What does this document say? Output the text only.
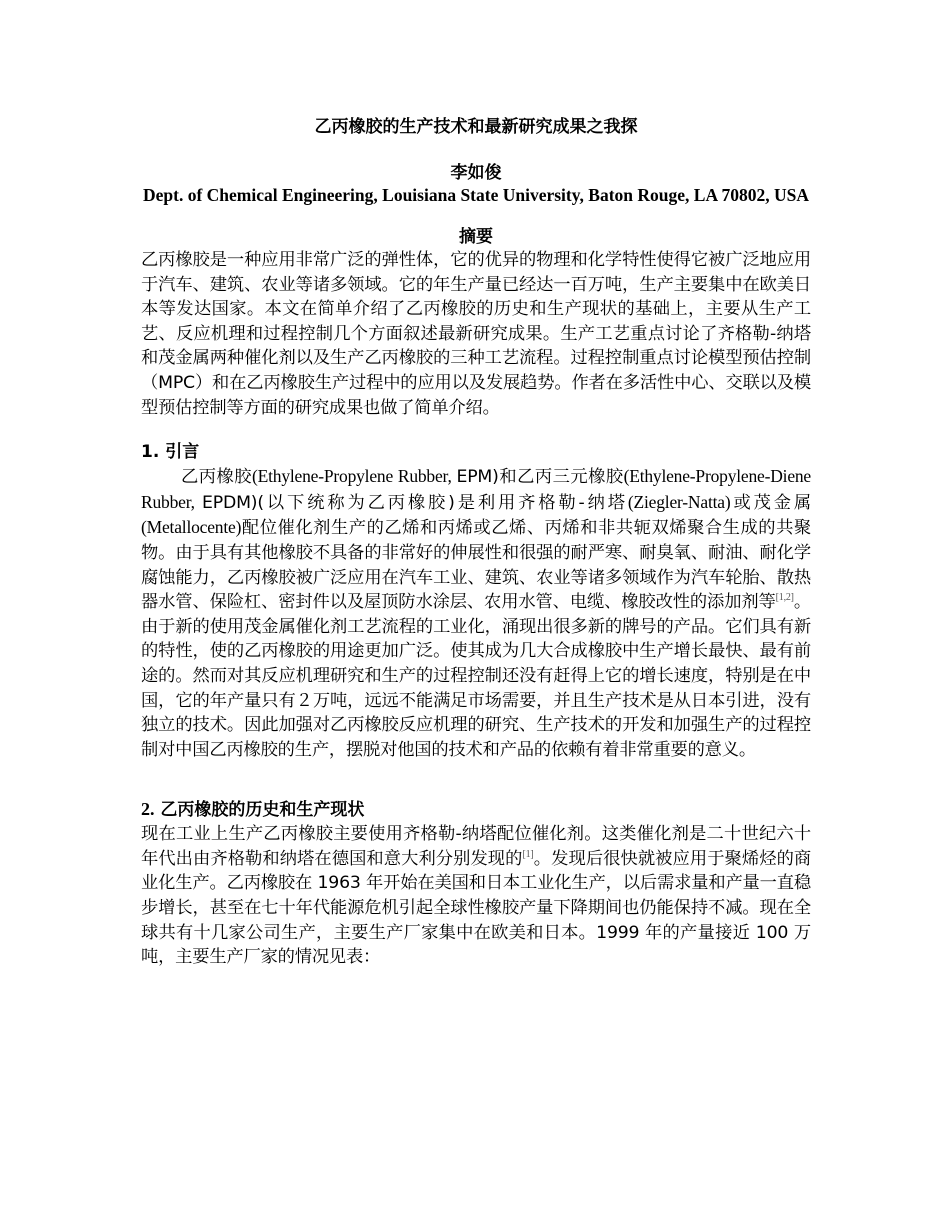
乙丙橡胶的生产技术和最新研究成果之我探

李如俊

Dept. of Chemical Engineering, Louisiana State University, Baton Rouge, LA 70802, USA

摘要

乙丙橡胶是一种应用非常广泛的弹性体，它的优异的物理和化学特性使得它被广泛地应用于汽车、建筑、农业等诸多领域。它的年生产量已经达一百万吨，生产主要集中在欧美日本等发达国家。本文在简单介绍了乙丙橡胶的历史和生产现状的基础上，主要从生产工艺、反应机理和过程控制几个方面叙述最新研究成果。生产工艺重点讨论了齐格勒-纳塔和茂金属两种催化剂以及生产乙丙橡胶的三种工艺流程。过程控制重点讨论模型预估控制（MPC）和在乙丙橡胶生产过程中的应用以及发展趋势。作者在多活性中心、交联以及模型预估控制等方面的研究成果也做了简单介绍。

1. 引言

乙丙橡胶(Ethylene-Propylene Rubber, EPM)和乙丙三元橡胶(Ethylene-Propylene-Diene Rubber, EPDM)(以下统称为乙丙橡胶)是利用齐格勒-纳塔(Ziegler-Natta)或茂金属(Metallocente)配位催化剂生产的乙烯和丙烯或乙烯、丙烯和非共轭双烯聚合生成的共聚物。由于具有其他橡胶不具备的非常好的伸展性和很强的耐严寒、耐臭氧、耐油、耐化学腐蚀能力，乙丙橡胶被广泛应用在汽车工业、建筑、农业等诸多领域作为汽车轮胎、散热器水管、保险杠、密封件以及屋顶防水涂层、农用水管、电缆、橡胶改性的添加剂等[1,2]。由于新的使用茂金属催化剂工艺流程的工业化，涌现出很多新的牌号的产品。它们具有新的特性，使的乙丙橡胶的用途更加广泛。使其成为几大合成橡胶中生产增长最快、最有前途的。然而对其反应机理研究和生产的过程控制还没有赶得上它的增长速度，特别是在中国，它的年产量只有２万吨，远远不能满足市场需要，并且生产技术是从日本引进，没有独立的技术。因此加强对乙丙橡胶反应机理的研究、生产技术的开发和加强生产的过程控制对中国乙丙橡胶的生产，摆脱对他国的技术和产品的依赖有着非常重要的意义。

2. 乙丙橡胶的历史和生产现状

现在工业上生产乙丙橡胶主要使用齐格勒-纳塔配位催化剂。这类催化剂是二十世纪六十年代出由齐格勒和纳塔在德国和意大利分别发现的[1]。发现后很快就被应用于聚烯烃的商业化生产。乙丙橡胶在 1963 年开始在美国和日本工业化生产，以后需求量和产量一直稳步增长，甚至在七十年代能源危机引起全球性橡胶产量下降期间也仍能保持不减。现在全球共有十几家公司生产，主要生产厂家集中在欧美和日本。1999 年的产量接近 100 万吨，主要生产厂家的情况见表：
